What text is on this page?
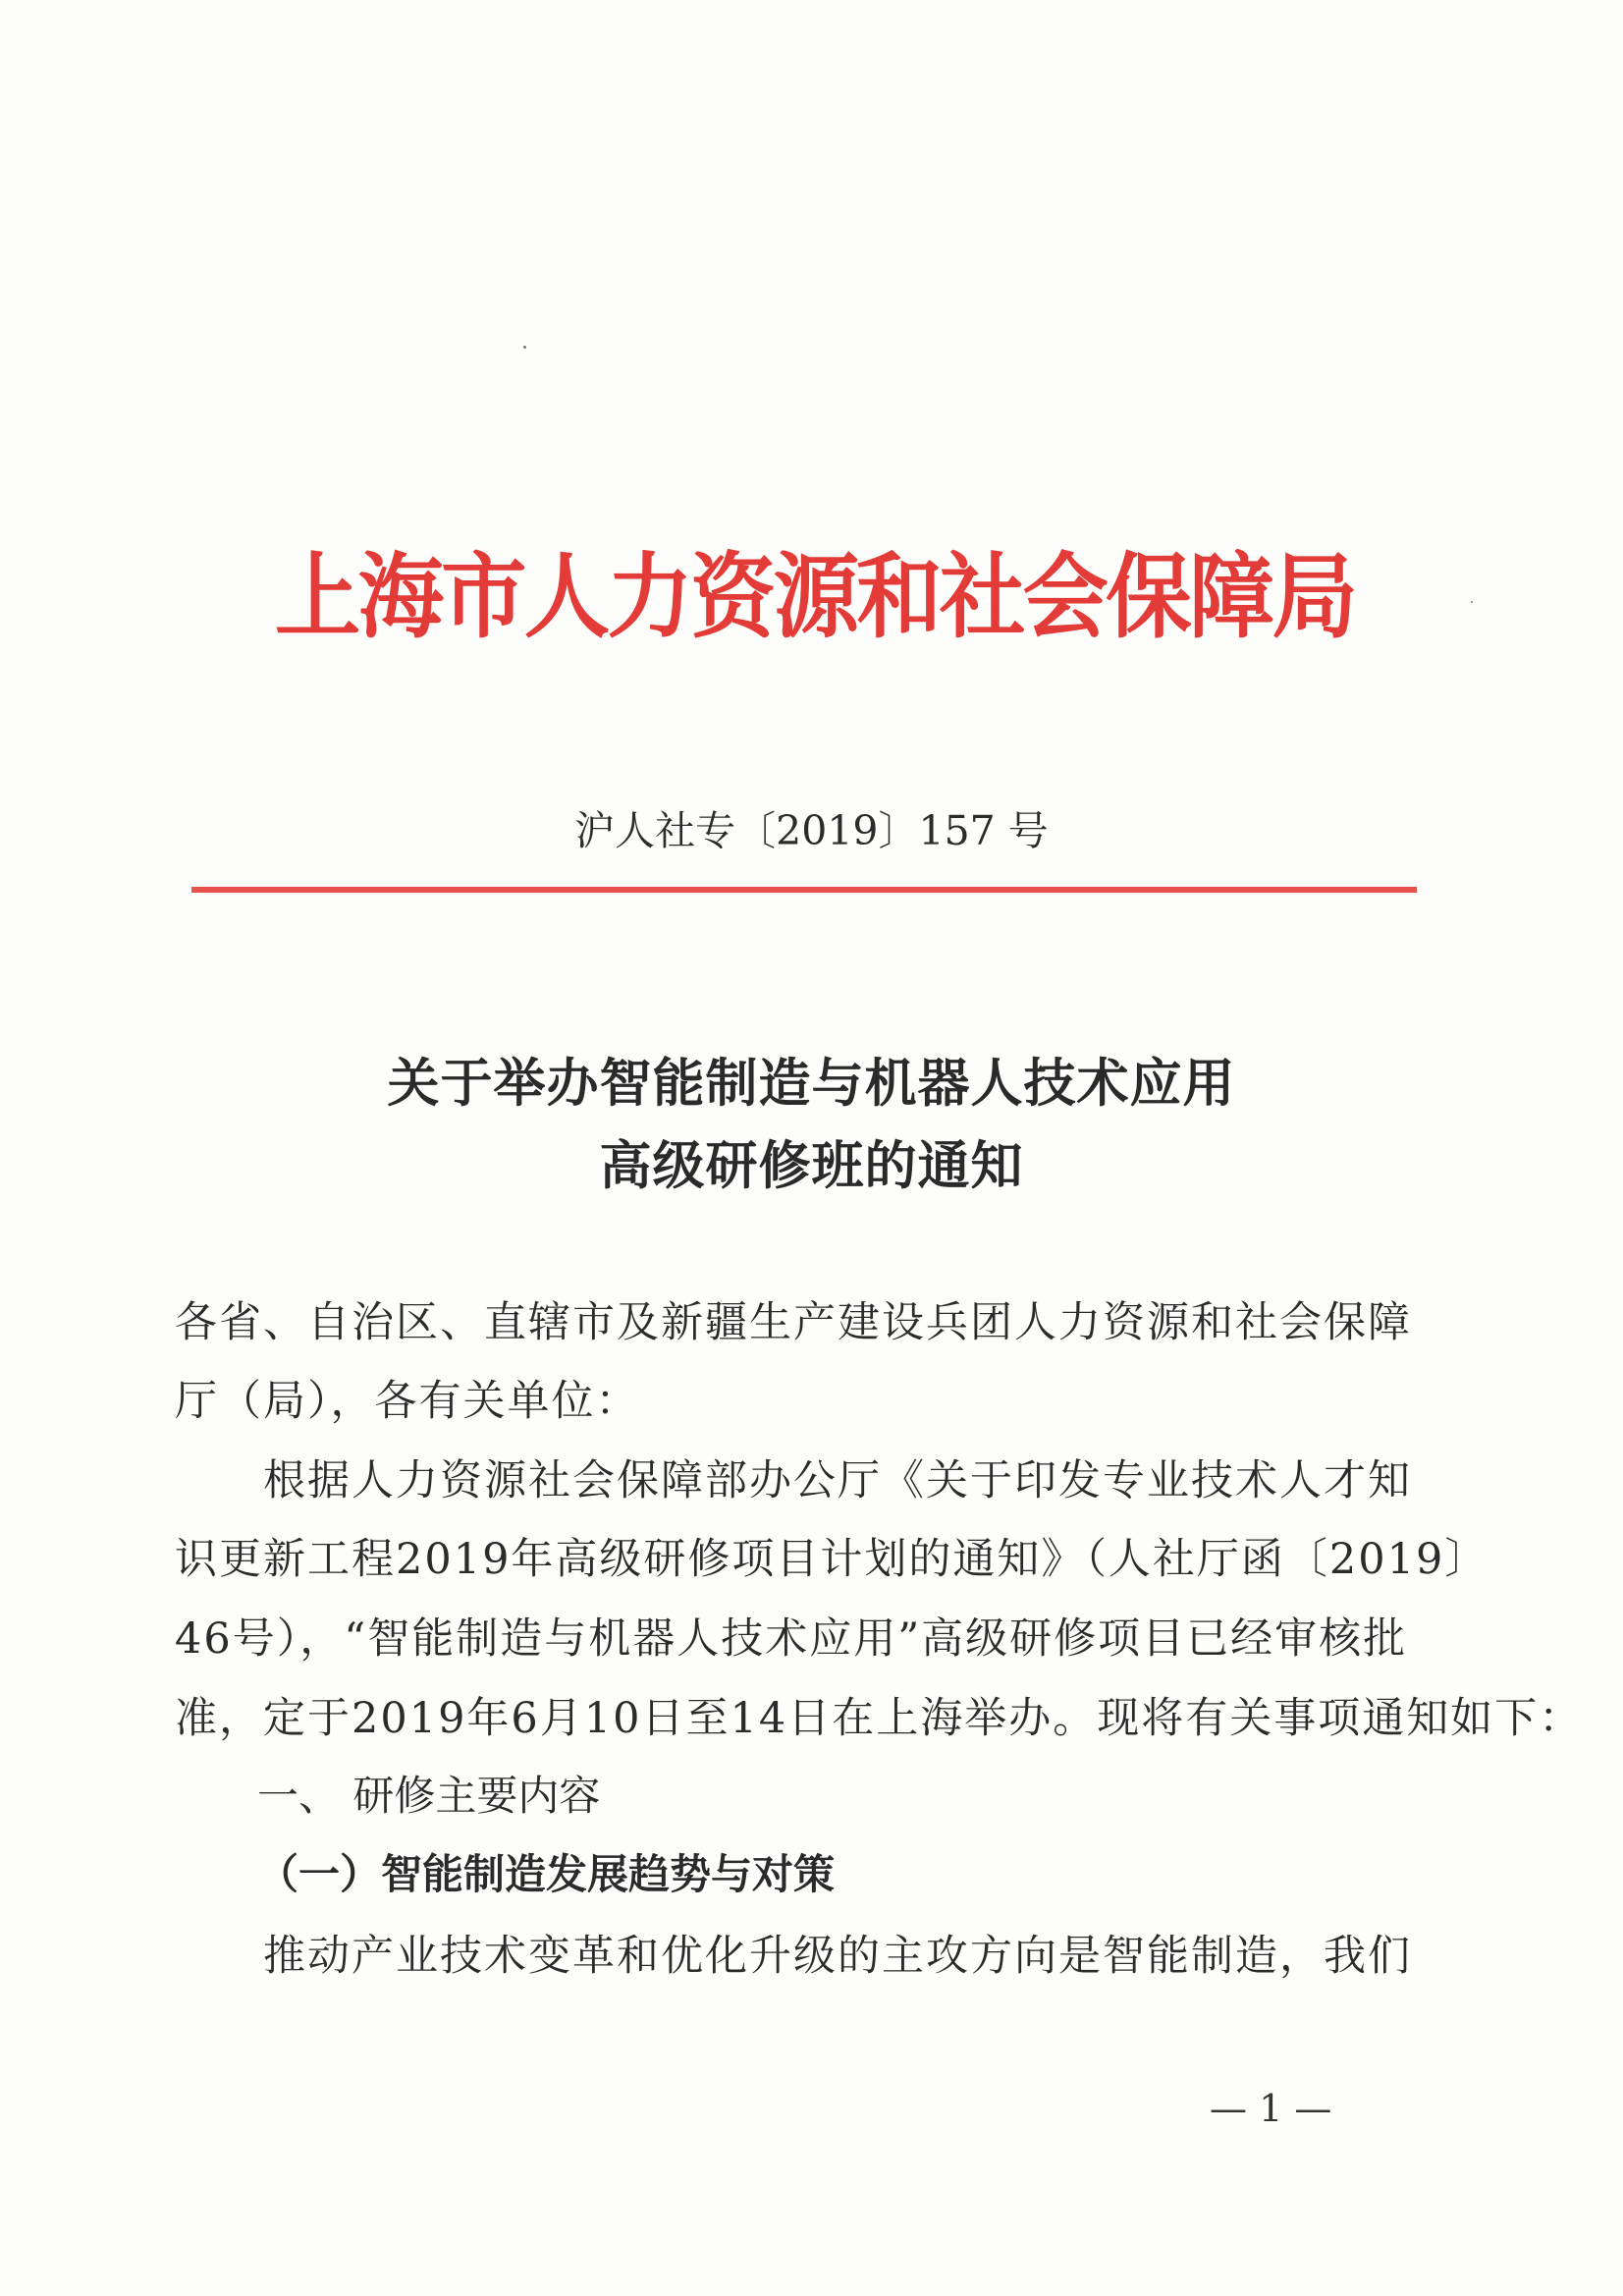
上海市人力资源和社会保障局
沪人社专〔2019〕157 号
关于举办智能制造与机器人技术应用
高级研修班的通知
各省、自治区、直辖市及新疆生产建设兵团人力资源和社会保障
厅（局），各有关单位：
　　根据人力资源社会保障部办公厅《关于印发专业技术人才知
识更新工程2019年高级研修项目计划的通知》（人社厅函〔2019〕
46号），“智能制造与机器人技术应用”高级研修项目已经审核批
准，定于2019年6月10日至14日在上海举办。现将有关事项通知如下：
一、 研修主要内容
（一）智能制造发展趋势与对策
　　推动产业技术变革和优化升级的主攻方向是智能制造，我们
— 1 —
